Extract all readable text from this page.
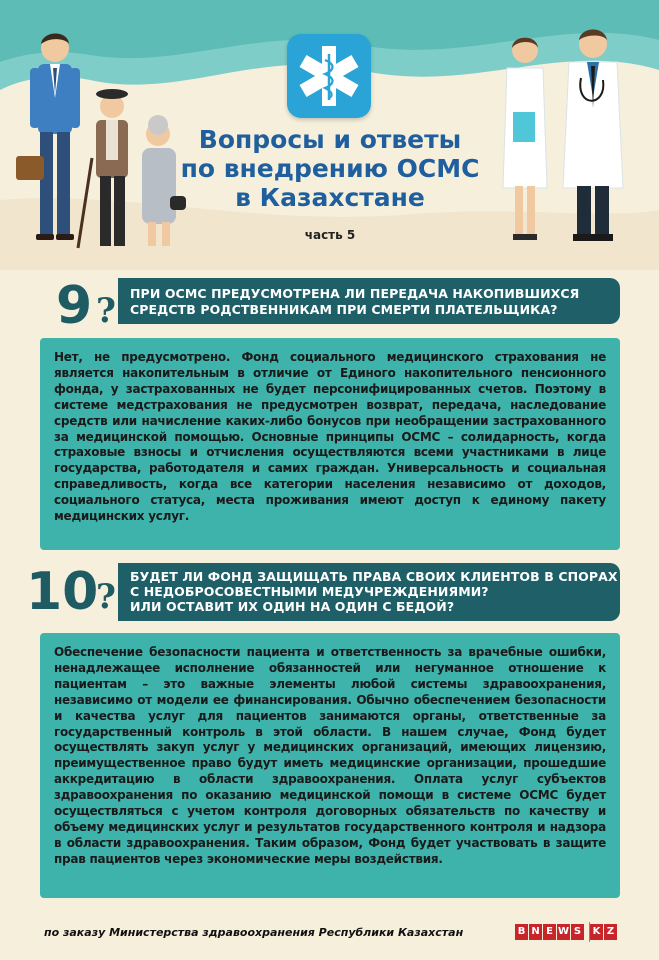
Вопросы и ответы
по внедрению ОСМС
в Казахстане
часть 5
9 ? ПРИ ОСМС ПРЕДУСМОТРЕНА ЛИ ПЕРЕДАЧА НАКОПИВШИХСЯ
СРЕДСТВ РОДСТВЕННИКАМ ПРИ СМЕРТИ ПЛАТЕЛЬЩИКА?

Нет, не предусмотрено. Фонд социального медицинского страхования не является накопительным в отличие от Единого накопительного пенсионного фонда, у застрахованных не будет персонифицированных счетов. Поэтому в системе медстрахования не предусмотрен возврат, передача, наследование средств или начисление каких-либо бонусов при необращении застрахованного за медицинской помощью. Основные принципы ОСМС – солидарность, когда страховые взносы и отчисления осуществляются всеми участниками в лице государства, работодателя и самих граждан. Универсальность и социальная справедливость, когда все категории населения независимо от доходов, социального статуса, места проживания имеют доступ к единому пакету медицинских услуг.

10
?
БУДЕТ ЛИ ФОНД ЗАЩИЩАТЬ ПРАВА СВОИХ КЛИЕНТОВ В СПОРАХ
С НЕДОБРОСОВЕСТНЫМИ МЕДУЧРЕЖДЕНИЯМИ?
ИЛИ ОСТАВИТ ИХ ОДИН НА ОДИН С БЕДОЙ?

Обеспечение безопасности пациента и ответственность за врачебные ошибки, ненадлежащее исполнение обязанностей или негуманное отношение к пациентам – это важные элементы любой системы здравоохранения, независимо от модели ее финансирования. Обычно обеспечением безопасности и качества услуг для пациентов занимаются органы, ответственные за государственный контроль в этой области. В нашем случае, Фонд будет осуществлять закуп услуг у медицинских организаций, имеющих лицензию, преимущественное право будут иметь медицинские организации, прошедшие аккредитацию в области здравоохранения. Оплата услуг субъектов здравоохранения по оказанию медицинской помощи в системе ОСМС будет осуществляться с учетом контроля договорных обязательств по качеству и объему медицинских услуг и результатов государственного контроля и надзора в области здравоохранения. Таким образом, Фонд будет участвовать в защите прав пациентов через экономические меры воздействия.

по заказу Министерства здравоохранения Республики Казахстан	B N E W S K Z
